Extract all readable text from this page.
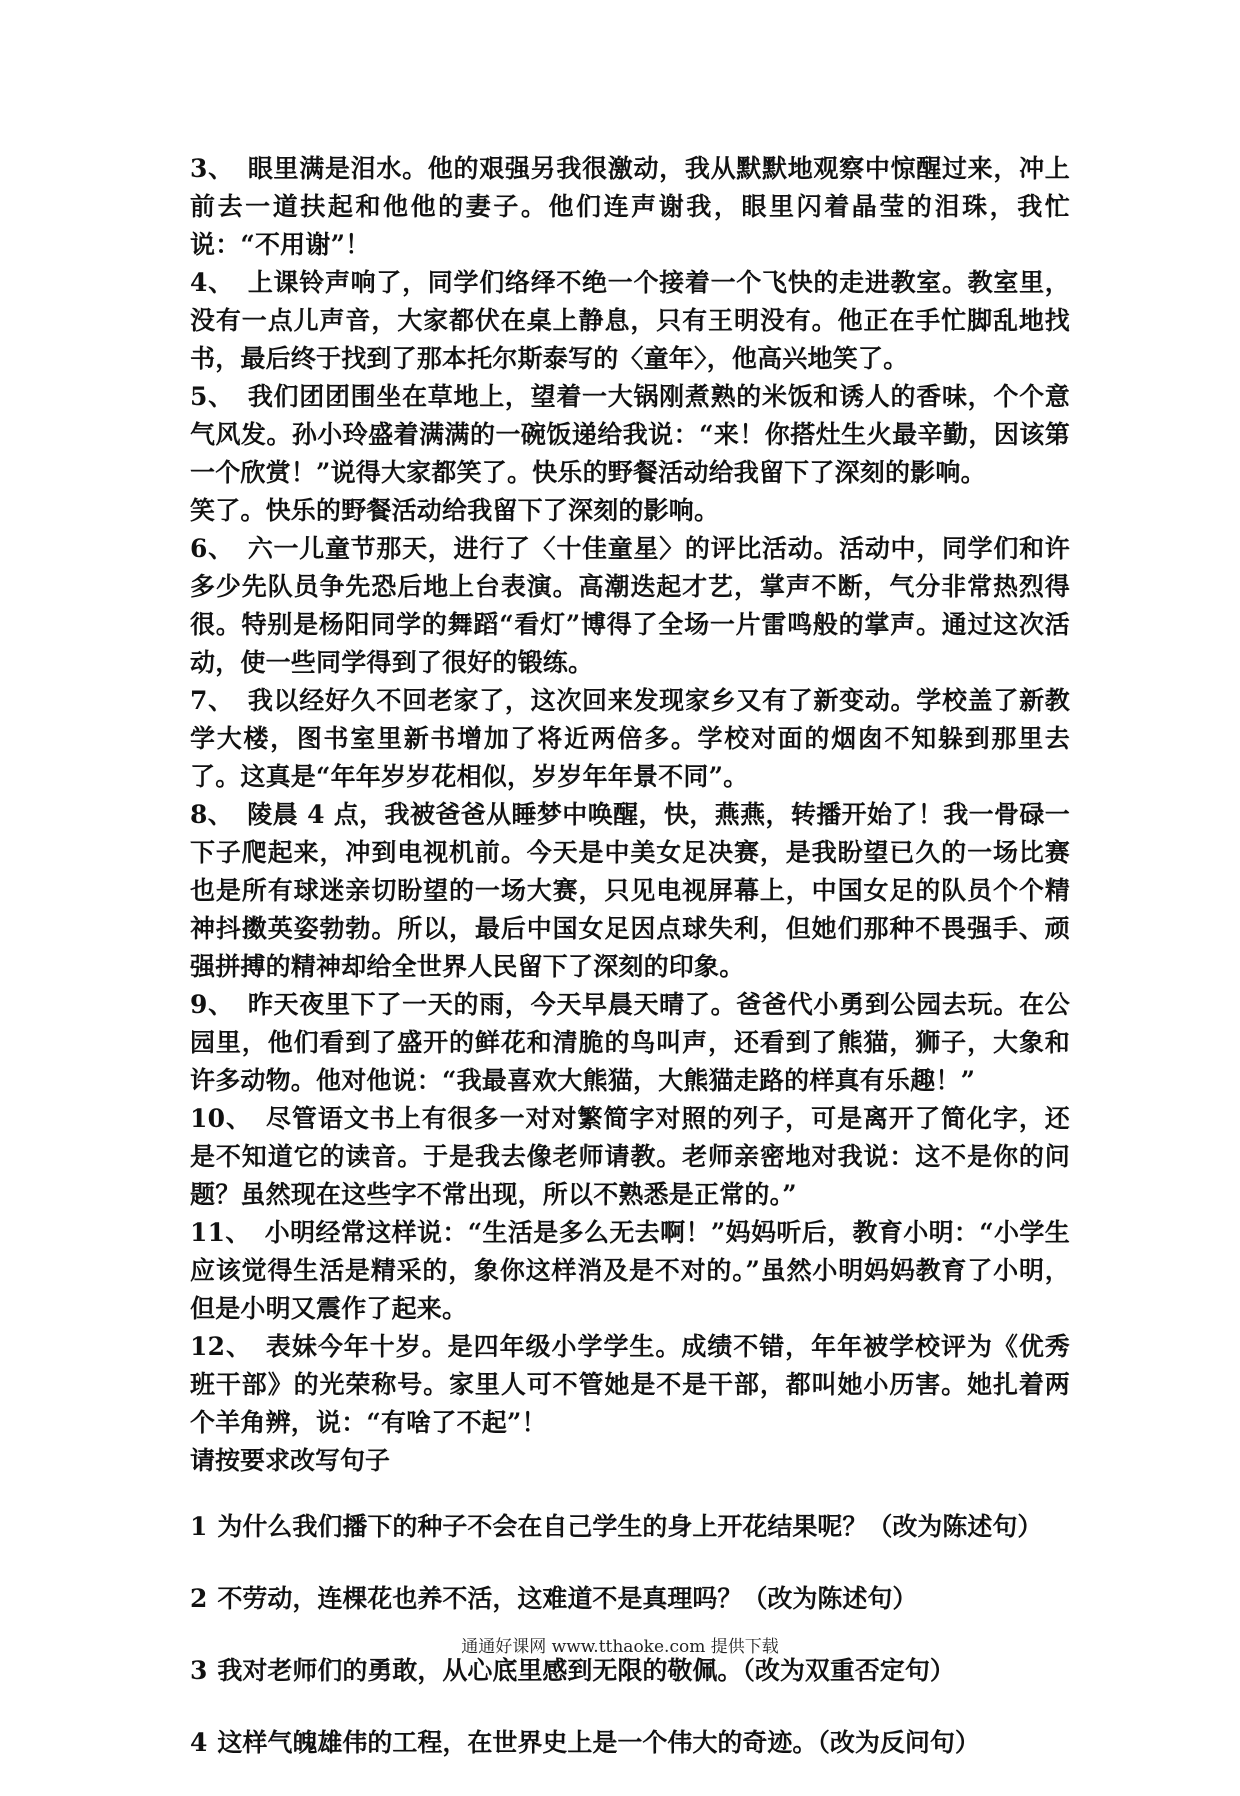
3、 眼里满是泪水。他的艰强另我很激动，我从默默地观察中惊醒过来，冲上前去一道扶起和他他的妻子。他们连声谢我，眼里闪着晶莹的泪珠，我忙说：“不用谢”！

4、 上课铃声响了，同学们络绎不绝一个接着一个飞快的走进教室。教室里，没有一点儿声音，大家都伏在桌上静息，只有王明没有。他正在手忙脚乱地找书，最后终于找到了那本托尔斯泰写的〈童年〉，他高兴地笑了。

5、 我们团团围坐在草地上，望着一大锅刚煮熟的米饭和诱人的香味，个个意气风发。孙小玲盛着满满的一碗饭递给我说：“来！你搭灶生火最辛勤，因该第一个欣赏！”说得大家都笑了。快乐的野餐活动给我留下了深刻的影响。

笑了。快乐的野餐活动给我留下了深刻的影响。

6、 六一儿童节那天，进行了〈十佳童星〉的评比活动。活动中，同学们和许多少先队员争先恐后地上台表演。高潮迭起才艺，掌声不断，气分非常热烈得很。特别是杨阳同学的舞蹈“看灯”博得了全场一片雷鸣般的掌声。通过这次活动，使一些同学得到了很好的锻练。

7、 我以经好久不回老家了，这次回来发现家乡又有了新变动。学校盖了新教学大楼，图书室里新书增加了将近两倍多。学校对面的烟囱不知躲到那里去了。这真是“年年岁岁花相似，岁岁年年景不同”。

8、 陵晨 4 点，我被爸爸从睡梦中唤醒，快，燕燕，转播开始了！我一骨碌一下子爬起来，冲到电视机前。今天是中美女足决赛，是我盼望已久的一场比赛也是所有球迷亲切盼望的一场大赛，只见电视屏幕上，中国女足的队员个个精神抖擞英姿勃勃。所以，最后中国女足因点球失利，但她们那种不畏强手、顽强拼搏的精神却给全世界人民留下了深刻的印象。

9、 昨天夜里下了一天的雨，今天早晨天晴了。爸爸代小勇到公园去玩。在公园里，他们看到了盛开的鲜花和清脆的鸟叫声，还看到了熊猫，狮子，大象和许多动物。他对他说：“我最喜欢大熊猫，大熊猫走路的样真有乐趣！”

10、 尽管语文书上有很多一对对繁简字对照的列子，可是离开了简化字，还是不知道它的读音。于是我去像老师请教。老师亲密地对我说：这不是你的问题？虽然现在这些字不常出现，所以不熟悉是正常的。”

11、 小明经常这样说：“生活是多么无去啊！”妈妈听后，教育小明：“小学生应该觉得生活是精采的，象你这样消及是不对的。”虽然小明妈妈教育了小明，但是小明又震作了起来。

12、 表妹今年十岁。是四年级小学学生。成绩不错，年年被学校评为《优秀班干部》的光荣称号。家里人可不管她是不是干部，都叫她小历害。她扎着两个羊角辨，说：“有啥了不起”！

请按要求改写句子

1 为什么我们播下的种子不会在自己学生的身上开花结果呢？（改为陈述句）

2 不劳动，连棵花也养不活，这难道不是真理吗？（改为陈述句）

3 我对老师们的勇敢，从心底里感到无限的敬佩。（改为双重否定句）

4 这样气魄雄伟的工程，在世界史上是一个伟大的奇迹。（改为反问句）

通通好课网 www.tthaoke.com 提供下载
